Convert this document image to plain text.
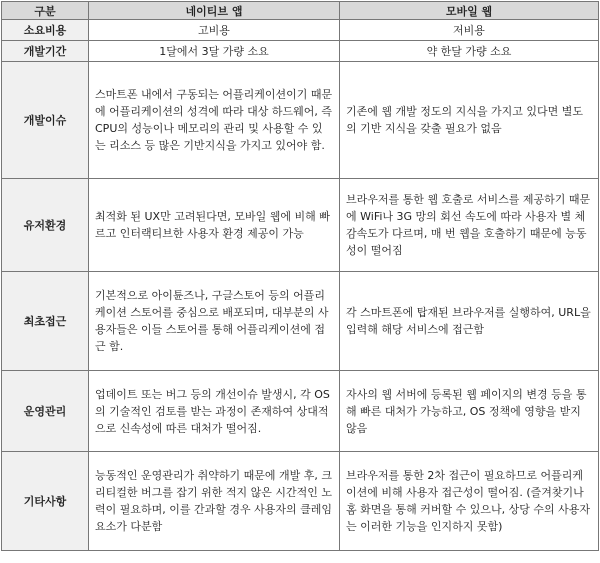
구분	네이티브 앱	모바일 웹
소요비용	고비용	저비용
개발기간	1달에서 3달 가량 소요	약 한달 가량 소요
개발이슈	스마트폰 내에서 구동되는 어플리케이션이기 때문에 어플리케이션의 성격에 따라 대상 하드웨어, 즉 CPU의 성능이나 메모리의 관리 및 사용할 수 있는 리소스 등 많은 기반지식을 가지고 있어야 함.	기존에 웹 개발 정도의 지식을 가지고 있다면 별도의 기반 지식을 갖출 필요가 없음
유저환경	최적화 된 UX만 고려된다면, 모바일 웹에 비해 빠르고 인터랙티브한 사용자 환경 제공이 가능	브라우저를 통한 웹 호출로 서비스를 제공하기 때문에 WiFi나 3G 망의 회선 속도에 따라 사용자 별 체감속도가 다르며, 매 번 웹을 호출하기 때문에 능동성이 떨어짐
최초접근	기본적으로 아이튠즈나, 구글스토어 등의 어플리케이션 스토어를 중심으로 배포되며, 대부분의 사용자들은 이들 스토어를 통해 어플리케이션에 접근 함.	각 스마트폰에 탑재된 브라우저를 실행하여, URL을 입력해 해당 서비스에 접근함
운영관리	업데이트 또는 버그 등의 개선이슈 발생시, 각 OS의 기술적인 검토를 받는 과정이 존재하여 상대적으로 신속성에 따른 대처가 떨어짐.	자사의 웹 서버에 등록된 웹 페이지의 변경 등을 통해 빠른 대처가 가능하고, OS 정책에 영향을 받지 않음
기타사항	능동적인 운영관리가 취약하기 때문에 개발 후, 크리티컬한 버그를 잡기 위한 적지 않은 시간적인 노력이 필요하며, 이를 간과할 경우 사용자의 클레임 요소가 다분함	브라우저를 통한 2차 접근이 필요하므로 어플리케이션에 비해 사용자 접근성이 떨어짐. (즐겨찾기나 홈 화면을 통해 커버할 수 있으나, 상당 수의 사용자는 이러한 기능을 인지하지 못함)
